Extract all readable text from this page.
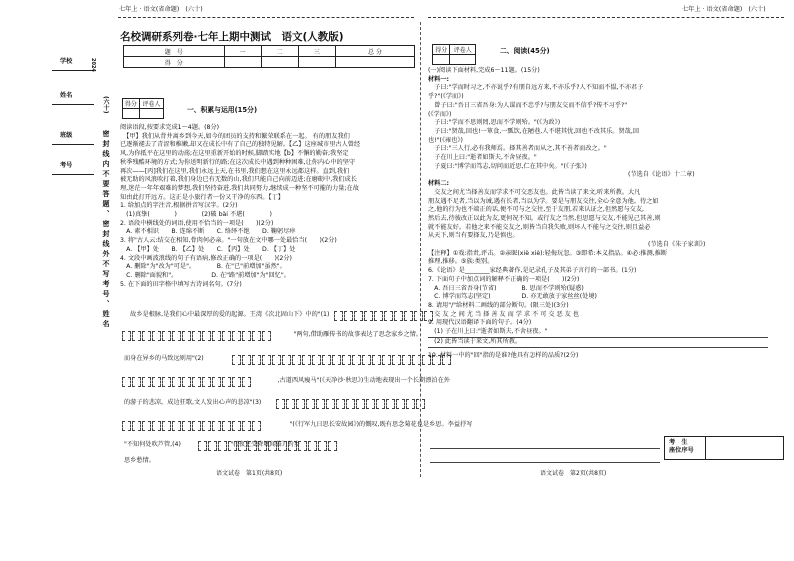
七年上 · 语文(省命题)　(六十)	七年上 · 语文(省命题)　(六十)
学校
姓名
班级
考号
2024
(六十)
密封线内不要答题、密封线外不写考号、姓名
名校调研系列卷·七年上期中测试　语文(人教版)
题　号	一	二	三	总 分
得　分				
得分	评卷人

一、积累与运用(15分)
阅读语段,按要求完成1～4题。(8分)
　【甲】我们从背井离乡到今天,如今的团员的支持和繁荣联系在一起。 有的朋友我们
已逐渐褪去了青涩和稚嫩,却又在成长中有了自己的独特见解。【乙】这座城市里古人曾经
风,为你抵平在这里的动荡;在这里重新开始的时候,脚踏实地【b】不懈的勤奋;我坚定
秋季残酷环境的方式;为你送明新行的路;在这次成长中遇到种种困难,让你内心中的坚守
再次——[丙]我们在这里,我们永远上天,在书里,我们想在这里永远都这样。直到,我们
被无助的风浪吹打着,我们身边已有无数的山,我们只能自己向前迈进;在磨砺中,我们成长
理,迷茫一年年艰难的梦想,我们坚持奋进,我们共同努力,继续成一种坚不可摧的力量;在故
知由此打开远方。这正是小旅行者一份又干净的东西。【丁】
1. 给加点的字注音,根据拼音写汉字。(2分)
　(1)真挚(　　　　)　　　　(2)破 bài 不堪(　　　　)
2. 语段中横线处的词语,使用不恰当的一项是(　　)(2分)
　A. 素不相识　　B. 连绵不断　　C. 络绎不绝　　D. 鞠躬尽瘁
3. 将"古人云:结交在相知,骨肉何必亲。"一句放在文中哪一处最恰当(　　)(2分)
　A. 【甲】处　　B. 【乙】处　　C. 【丙】处　　D. 【丁】处
4. 文段中画波浪线的句子有语病,修改正确的一项是(　　)(2分)
　A. 删除"为"改为"可是"。　　　　B. 在"已"前增加"虽然"。
　C. 删除"面貌和"。　　　　　　D. 在"路"前增加"为"回忆"。
5. 在下面的田字格中填写古诗词名句。(7分)
　故乡是根脉,是我们心中最深厚的爱的起源。王湾《次北固山下》中的"(1)
　　　　　　　　"两句,借助雁传书的故事表达了思念家乡之情。
而身在异乡的马致远则用"(2)
　　　　　　　　,古道西风瘦马"(《天净沙·秋思》)生动地表现出一个长期漂泊在外
的游子的悲凉。成边狂歌,文人发出心声的悲凉"(3)
　　　　　　　　"(《行军九日思长安故园》)的慨叹,既有思念菊花也是乡思。李益抒写
"不知何处吹芦管,(4)　　　　　　　　"(《夜上受降城闻笛》)的乡
思乡愁情。
语文试卷　第1页(共8页)
得分	评卷人
		二、阅读(45分)
(一)阅读下面材料,完成6～11题。(15分)
材料一:
　子曰:"学而时习之,不亦说乎?有朋自远方来,不亦乐乎?人不知而不愠,不亦君子
乎?"(《学而》)
　曾子曰:"吾日三省吾身:为人谋而不忠乎?与朋友交而不信乎?传不习乎?"
(《学而》)
　子曰:"学而不思则罔,思而不学则殆。"(《为政》)
　子曰:"贤哉,回也!一箪食,一瓢饮,在陋巷,人不堪其忧,回也不改其乐。贤哉,回
也!"(《雍也》)
　子曰:"三人行,必有我师焉。择其善者而从之,其不善者而改之。"
　子在川上曰:"逝者如斯夫,不舍昼夜。"
　子夏曰:"博学而笃志,切问而近思,仁在其中矣。"(《子张》)
(节选自《论语》十二章)
材料二:
　交友之间尤当择善友而学求不可交恶友也。此皆当读了来文,听来所教。大凡
朋友遇不足者,当以为诫,遇有长者,当以为学。要是与朋友交往,全心全意为他。待之如
之,他的行为也不端正的话,便不可与之交往,至于友朋,若来认证之,但然愿与交友,
然后去,待彼改正以此为友,更何况不知。或行友之当然,但思愿与交友,不能见己其善,则
就不能友好。若他之来不能交友之,则皆当自我失败,则坏人不能与之交往,则且益必
从天下,则当有要择友,乃是慎也。
(节选自《朱子家训》)
【注释】①戏:指责,评击。②亲昵(xiè xiè):轻侮玩忽。③即希:本义指品。④必:推测,推断
推理,推移。⑤族:类别。
6.《论语》是________家经典著作,是记录孔子及其弟子言行的一部书。(1分)
7. 下面句子中加点词的解释不正确的一项是(　　)(2分)
　A. 吾日三省吾身(节省)　　　　B. 思而不学则殆(疑惑)
　C. 博学而笃志(坚定)　　　　　D. 亦无敢放于家丝丝(处境)
8. 请用"/"给材料二画线的部分断句。(限三处)(3分)
　交 友 之 间 尤 当 择 善 友 而 学 求 不 可 交 恶 友 也
9. 用现代汉语翻译下面的句子。(4分)
　(1) 子在川上曰:"逝者如斯夫,不舍昼夜。"
　(2) 此皆当读于来文,所其所教。
10. 材料一中的"回"指的是谁?他具有怎样的品质?(2分)
考　生
座位序号
语文试卷　第2页(共8页)
